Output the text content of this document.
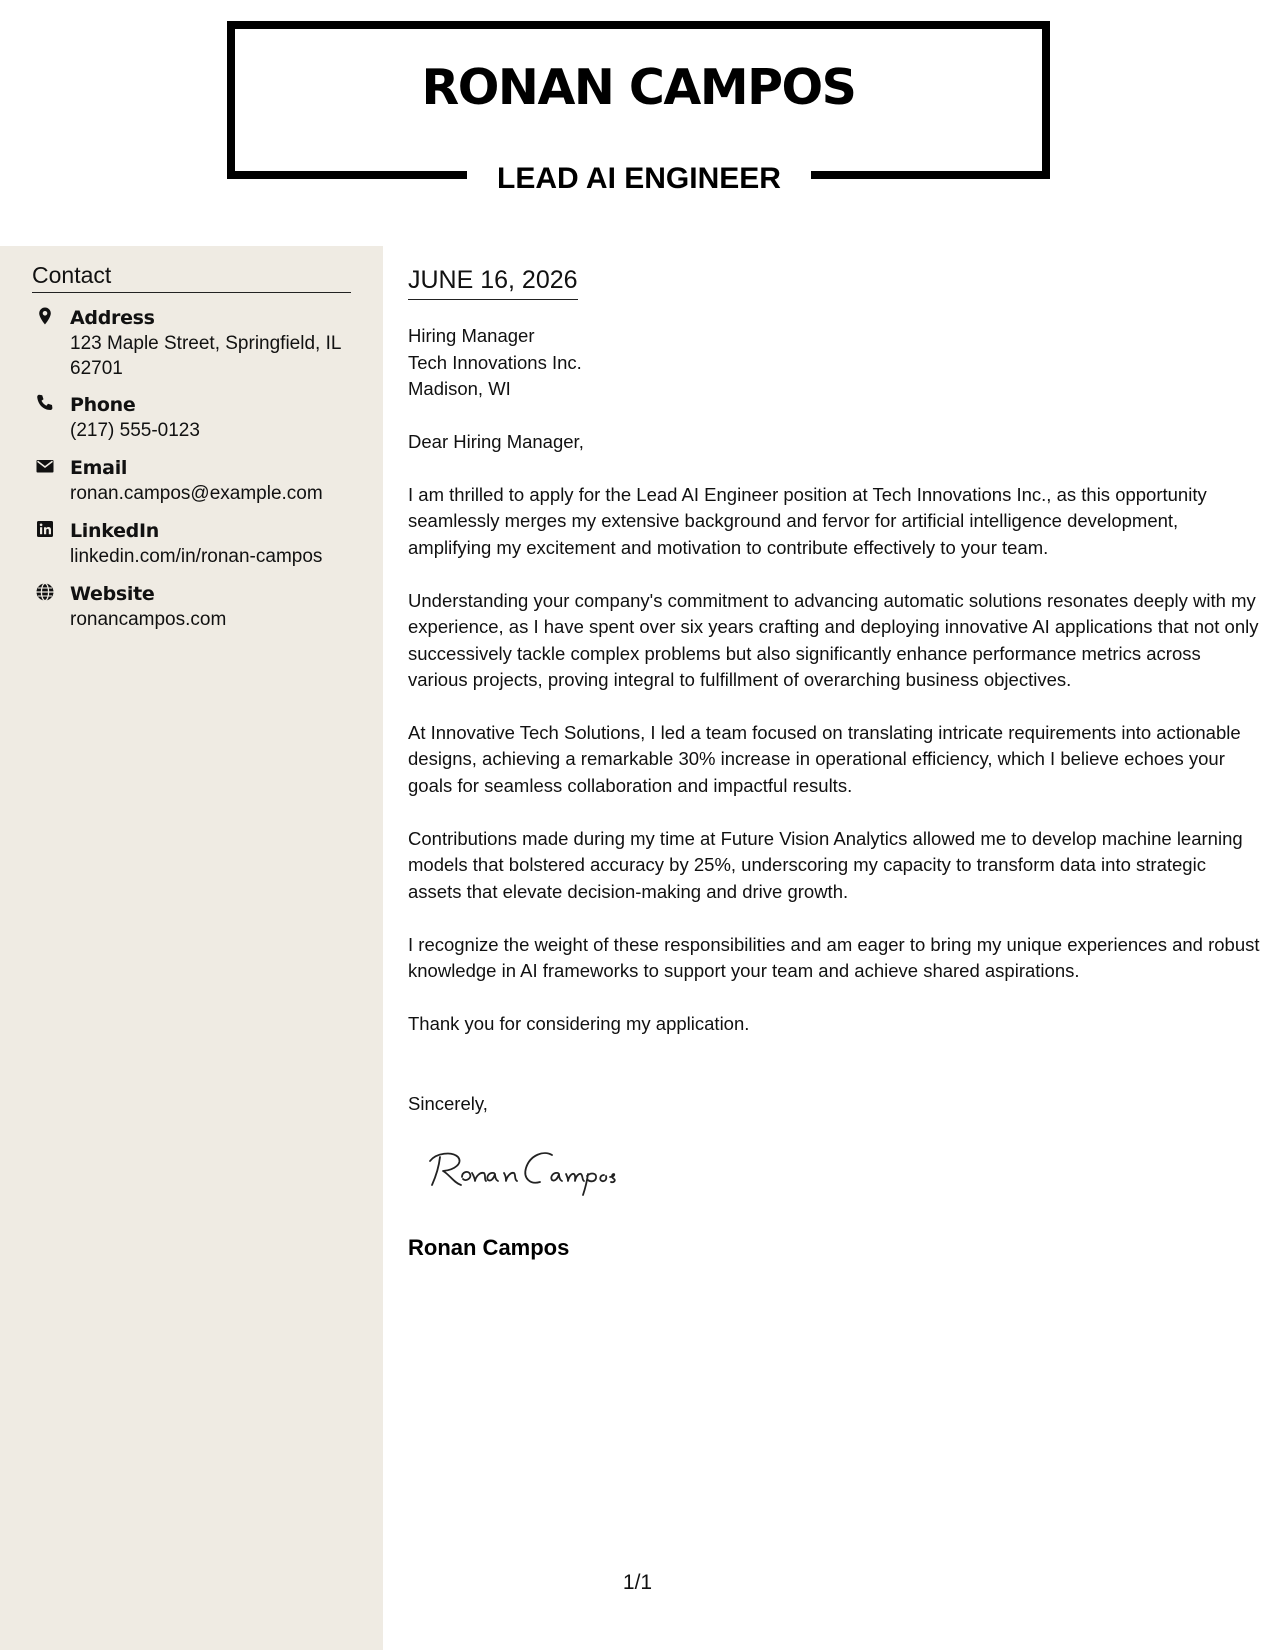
RONAN CAMPOS
LEAD AI ENGINEER
Contact
Address
123 Maple Street, Springfield, IL 62701
Phone
(217) 555-0123
Email
ronan.campos@example.com
LinkedIn
linkedin.com/in/ronan-campos
Website
ronancampos.com
JUNE 16, 2026
Hiring Manager
Tech Innovations Inc.
Madison, WI
Dear Hiring Manager,
I am thrilled to apply for the Lead AI Engineer position at Tech Innovations Inc., as this opportunity seamlessly merges my extensive background and fervor for artificial intelligence development, amplifying my excitement and motivation to contribute effectively to your team.
Understanding your company's commitment to advancing automatic solutions resonates deeply with my experience, as I have spent over six years crafting and deploying innovative AI applications that not only successively tackle complex problems but also significantly enhance performance metrics across various projects, proving integral to fulfillment of overarching business objectives.
At Innovative Tech Solutions, I led a team focused on translating intricate requirements into actionable designs, achieving a remarkable 30% increase in operational efficiency, which I believe echoes your goals for seamless collaboration and impactful results.
Contributions made during my time at Future Vision Analytics allowed me to develop machine learning models that bolstered accuracy by 25%, underscoring my capacity to transform data into strategic assets that elevate decision-making and drive growth.
I recognize the weight of these responsibilities and am eager to bring my unique experiences and robust knowledge in AI frameworks to support your team and achieve shared aspirations.
Thank you for considering my application.
Sincerely,
Ronan Campos
1/1
